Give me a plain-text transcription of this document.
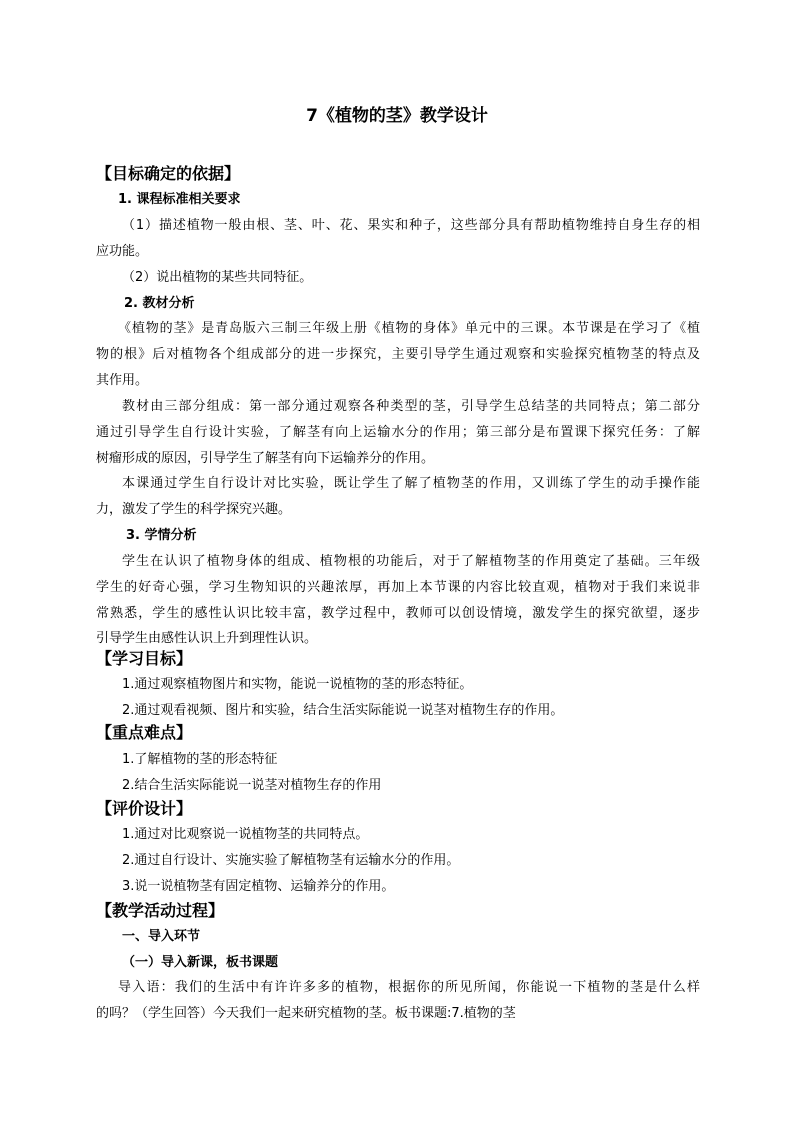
7《植物的茎》教学设计
【目标确定的依据】
1. 课程标准相关要求
（1）描述植物一般由根、茎、叶、花、果实和种子，这些部分具有帮助植物维持自身生存的相
应功能。
（2）说出植物的某些共同特征。
2. 教材分析
《植物的茎》是青岛版六三制三年级上册《植物的身体》单元中的三课。本节课是在学习了《植
物的根》后对植物各个组成部分的进一步探究，主要引导学生通过观察和实验探究植物茎的特点及
其作用。
教材由三部分组成：第一部分通过观察各种类型的茎，引导学生总结茎的共同特点；第二部分
通过引导学生自行设计实验，了解茎有向上运输水分的作用；第三部分是布置课下探究任务：了解
树瘤形成的原因，引导学生了解茎有向下运输养分的作用。
本课通过学生自行设计对比实验，既让学生了解了植物茎的作用，又训练了学生的动手操作能
力，激发了学生的科学探究兴趣。
3. 学情分析
学生在认识了植物身体的组成、植物根的功能后，对于了解植物茎的作用奠定了基础。三年级
学生的好奇心强，学习生物知识的兴趣浓厚，再加上本节课的内容比较直观，植物对于我们来说非
常熟悉，学生的感性认识比较丰富，教学过程中，教师可以创设情境，激发学生的探究欲望，逐步
引导学生由感性认识上升到理性认识。
【学习目标】
1.通过观察植物图片和实物，能说一说植物的茎的形态特征。
2.通过观看视频、图片和实验，结合生活实际能说一说茎对植物生存的作用。
【重点难点】
1.了解植物的茎的形态特征
2.结合生活实际能说一说茎对植物生存的作用
【评价设计】
1.通过对比观察说一说植物茎的共同特点。
2.通过自行设计、实施实验了解植物茎有运输水分的作用。
3.说一说植物茎有固定植物、运输养分的作用。
【教学活动过程】
一、导入环节
（一）导入新课，板书课题
导入语：我们的生活中有许许多多的植物，根据你的所见所闻，你能说一下植物的茎是什么样
的吗？（学生回答）今天我们一起来研究植物的茎。板书课题:7.植物的茎
